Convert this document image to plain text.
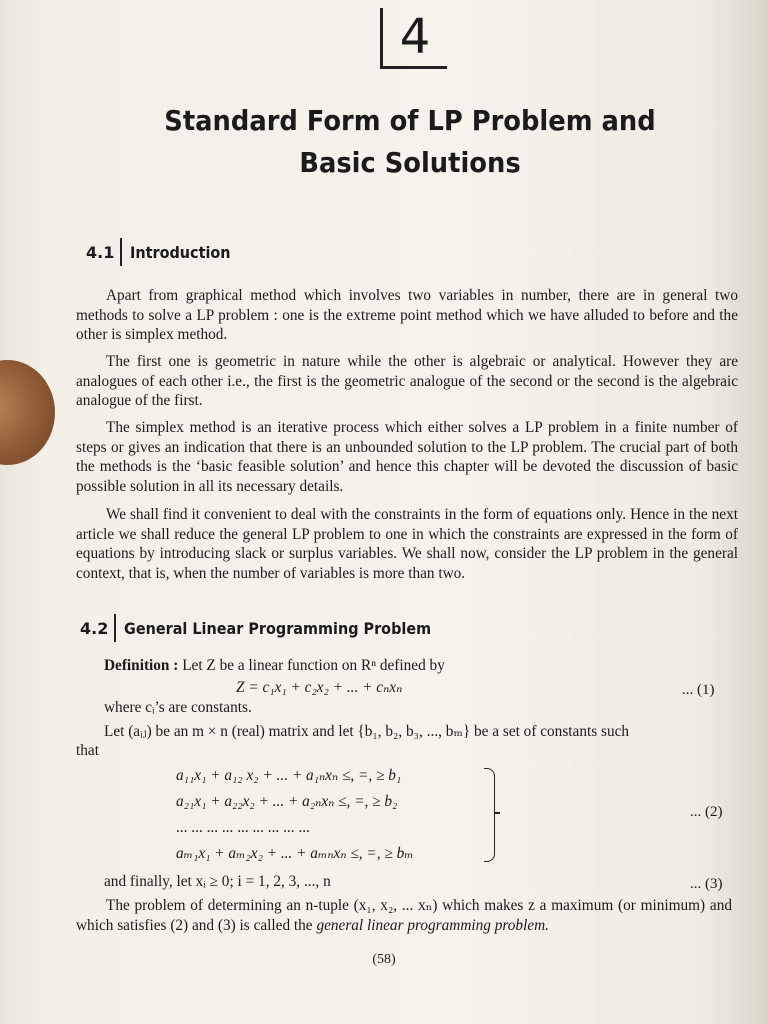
4
Standard Form of LP Problem and
Basic Solutions
4.1 Introduction

Apart from graphical method which involves two variables in number, there are in general two methods to solve a LP problem : one is the extreme point method which we have alluded to before and the other is simplex method.

The first one is geometric in nature while the other is algebraic or analytical. However they are analogues of each other i.e., the first is the geometric analogue of the second or the second is the algebraic analogue of the first.

The simplex method is an iterative process which either solves a LP problem in a finite number of steps or gives an indication that there is an unbounded solution to the LP problem. The crucial part of both the methods is the ‘basic feasible solution’ and hence this chapter will be devoted the discussion of basic possible solution in all its necessary details.

We shall find it convenient to deal with the constraints in the form of equations only. Hence in the next article we shall reduce the general LP problem to one in which the constraints are expressed in the form of equations by introducing slack or surplus variables. We shall now, consider the LP problem in the general context, that is, when the number of variables is more than two.

4.2 General Linear Programming Problem
Definition : Let Z be a linear function on Rⁿ defined by
Z = c₁x₁ + c₂x₂ + ... + cₙxₙ	... (1)
where cᵢ’s are constants.
Let (aᵢⱼ) be an m × n (real) matrix and let {b₁, b₂, b₃, ..., bₘ} be a set of constants such
that
a₁₁x₁ + a₁₂ x₂ + ... + a₁ₙxₙ ≤, =, ≥ b₁
a₂₁x₁ + a₂₂x₂ + ... + a₂ₙxₙ ≤, =, ≥ b₂
... ... ... ... ... ... ... ... ...
aₘ₁x₁ + aₘ₂x₂ + ... + aₘₙxₙ ≤, =, ≥ bₘ
... (2)
and finally, let xᵢ ≥ 0; i = 1, 2, 3, ..., n	... (3)

The problem of determining an n-tuple (x₁, x₂, ... xₙ) which makes z a maximum (or minimum) and which satisfies (2) and (3) is called the general linear programming problem.

(58)
